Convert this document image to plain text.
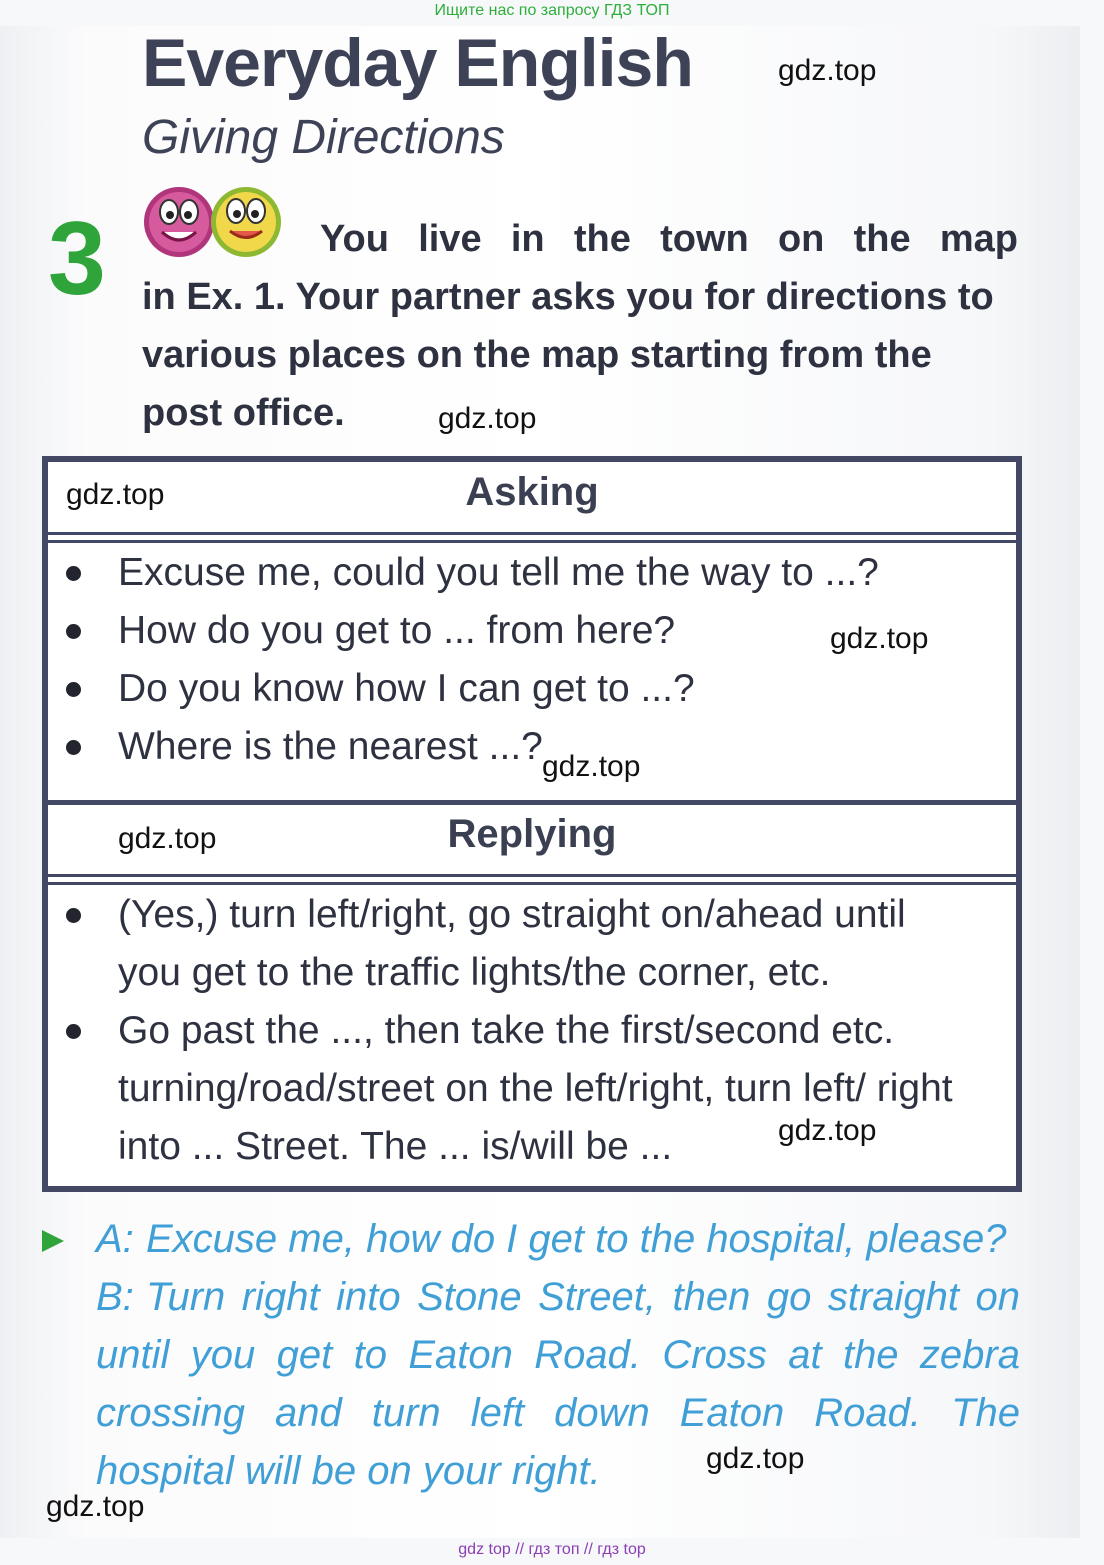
Ищите нас по запросу ГДЗ ТОП
Everyday English
Giving Directions
3	You live in the town on the map
in Ex. 1. Your partner asks you for directions to various places on the map starting from the post office.
Asking
Excuse me, could you tell me the way to ...?
How do you get to ... from here?
Do you know how I can get to ...?
Where is the nearest ...?
Replying
(Yes,) turn left/right, go straight on/ahead until you get to the traffic lights/the corner, etc.
Go past the ..., then take the first/second etc. turning/road/street on the left/right, turn left/ right into ... Street. The ... is/will be ...
A: Excuse me, how do I get to the hospital, please?
B: Turn right into Stone Street, then go straight on until you get to Eaton Road. Cross at the zebra crossing and turn left down Eaton Road. The hospital will be on your right.
gdz.top
gdz.top
gdz.top
gdz.top
gdz.top
gdz.top
gdz.top
gdz.top
gdz.top
gdz top // гдз топ // гдз top
